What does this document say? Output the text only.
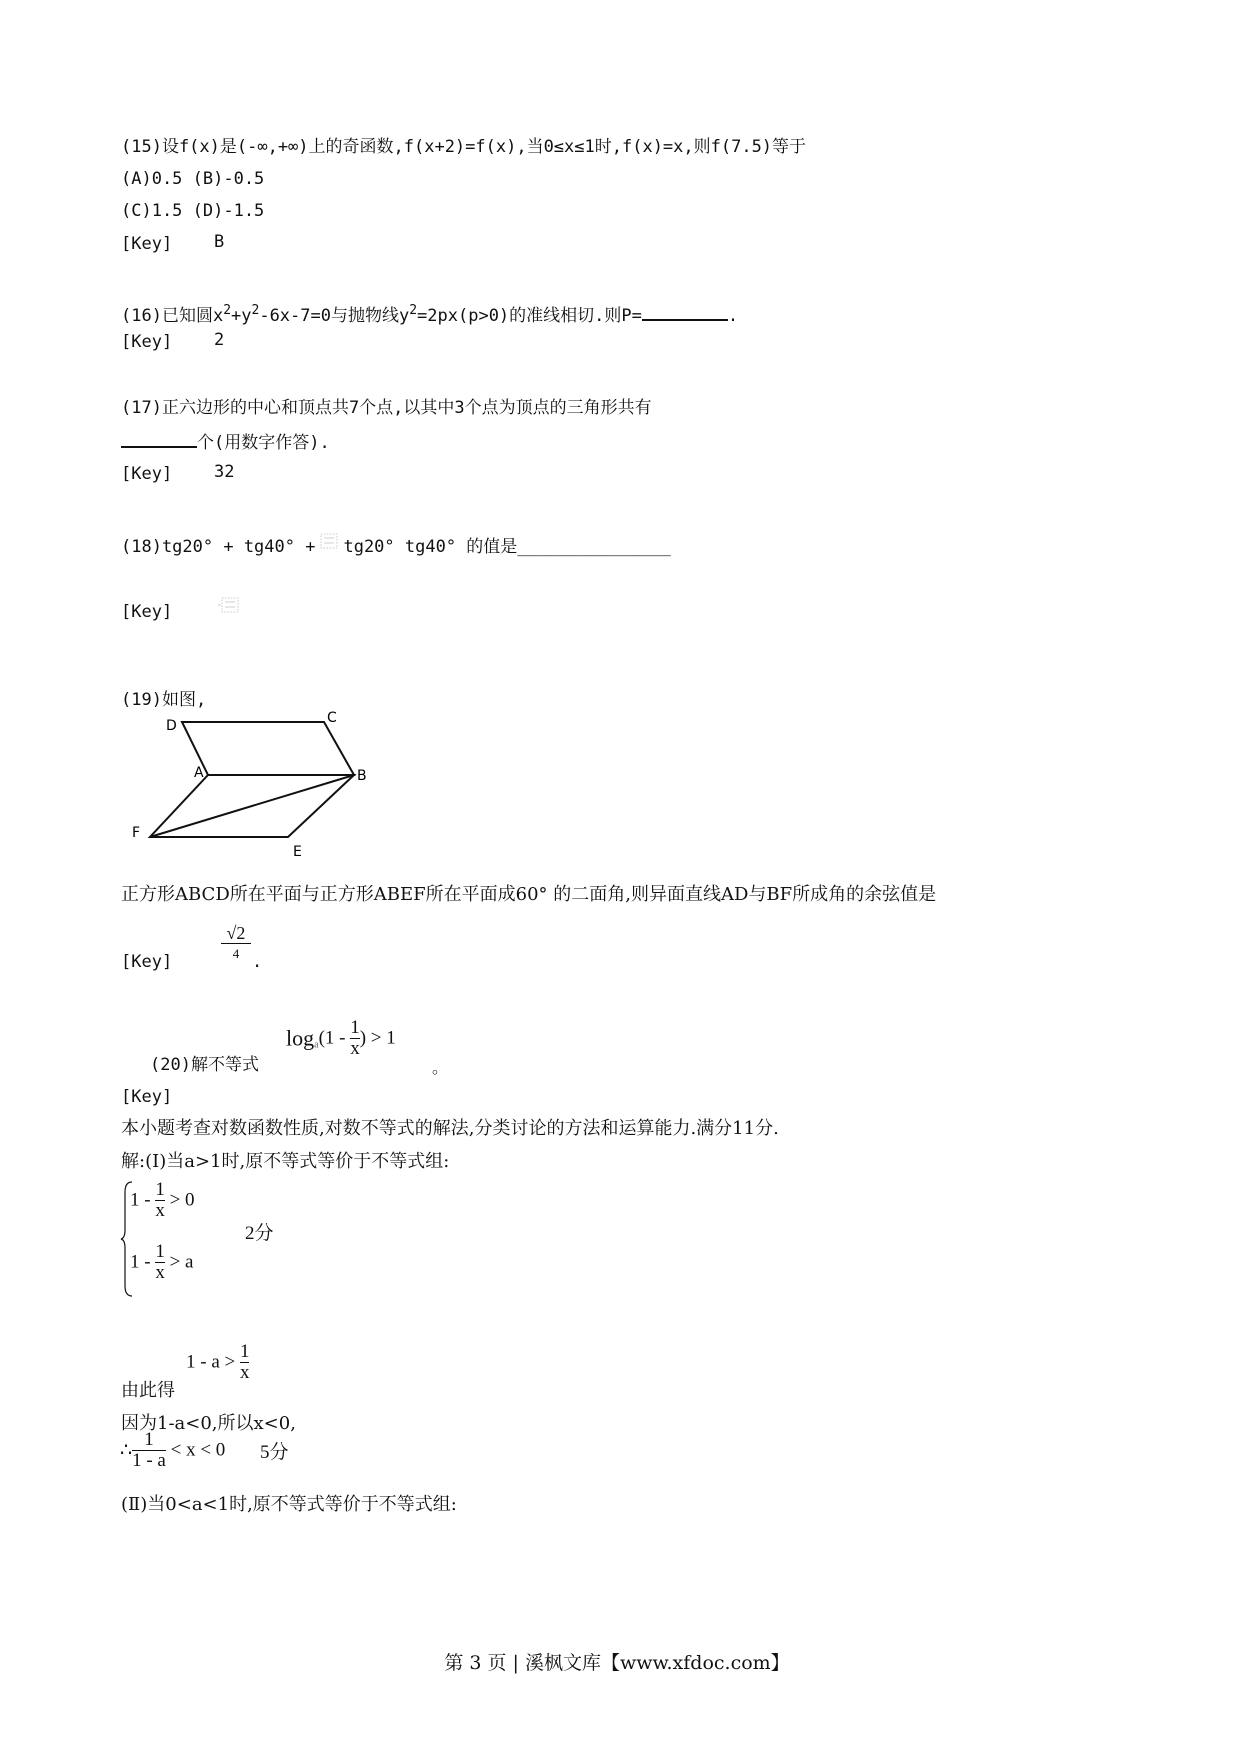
(15)设f(x)是(-∞,+∞)上的奇函数,f(x+2)=f(x),当0≤x≤1时,f(x)=x,则f(7.5)等于
(A)0.5 (B)-0.5
(C)1.5 (D)-1.5
[Key] B
(16)已知圆$x^2+y^2-6x-7=0$与抛物线$y^2=2px(p>0)$的准线相切.则P=	.
[Key] 2
(17)正六边形的中心和顶点共7个点,以其中3个点为顶点的三角形共有
个(用数字作答).
[Key] 32
(18)tg20° + tg40° + tg20° tg40° 的值是_______________
[Key]
(19)如图,
D	C
A	B
F
E
正方形ABCD所在平面与正方形ABEF所在平面成60° 的二面角,则异面直线AD与BF所成角的余弦值是
[Key]	$\frac{√2}{4}$ .
(20)解不等式
$\log_a(1 - \frac{1}{x}$ ) > 1
。
[Key]
本小题考查对数函数性质,对数不等式的解法,分类讨论的方法和运算能力.满分11分.
解:(Ⅰ)当a>1时,原不等式等价于不等式组:
$1 - \frac{1}{x} > 0$
$1 - \frac{1}{x} > a$
2分
由此得
$1 - a > \frac{1}{x}$
因为1-a<0,所以x<0,
∴ $\frac{1}{1 - a} < x < 0$ 5分
(Ⅱ)当0<a<1时,原不等式等价于不等式组:
第 3 页 | 溪枫文库【www.xfdoc.com】
